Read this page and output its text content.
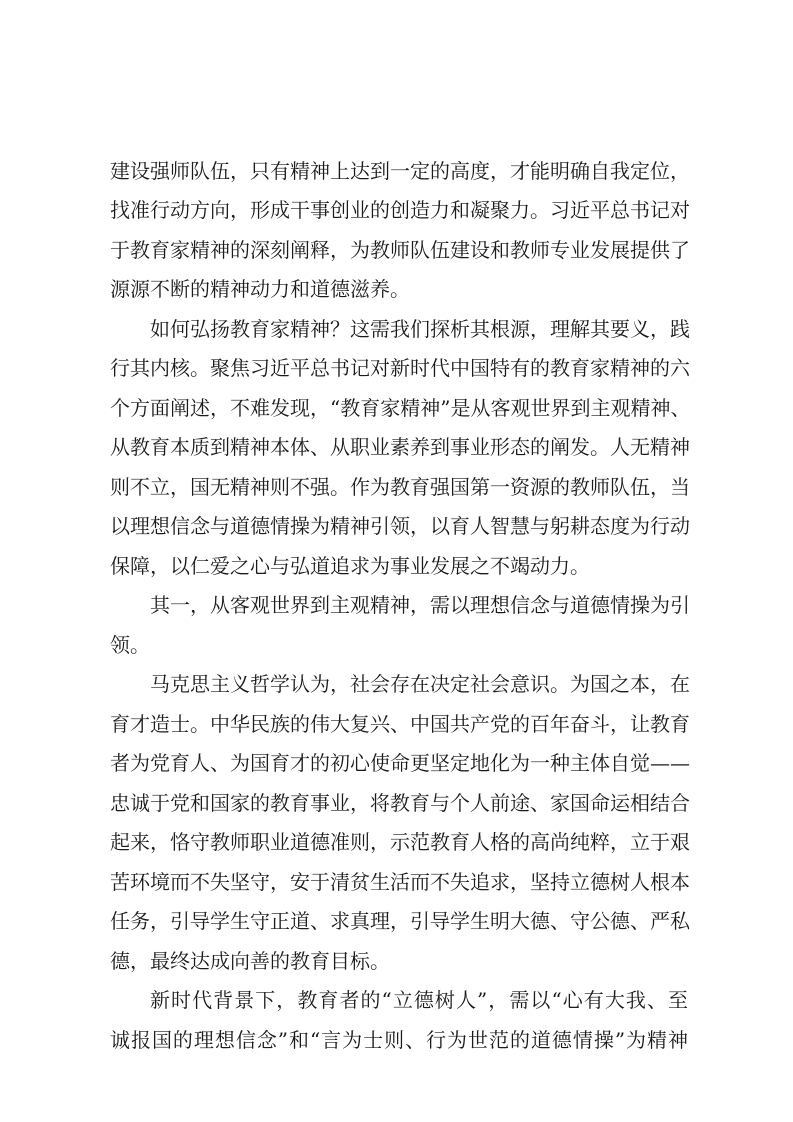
建设强师队伍，只有精神上达到一定的高度，才能明确自我定位，
找准行动方向，形成干事创业的创造力和凝聚力。习近平总书记对
于教育家精神的深刻阐释，为教师队伍建设和教师专业发展提供了
源源不断的精神动力和道德滋养。
如何弘扬教育家精神？这需我们探析其根源，理解其要义，践
行其内核。聚焦习近平总书记对新时代中国特有的教育家精神的六
个方面阐述，不难发现，“教育家精神”是从客观世界到主观精神、
从教育本质到精神本体、从职业素养到事业形态的阐发。人无精神
则不立，国无精神则不强。作为教育强国第一资源的教师队伍，当
以理想信念与道德情操为精神引领，以育人智慧与躬耕态度为行动
保障，以仁爱之心与弘道追求为事业发展之不竭动力。
其一，从客观世界到主观精神，需以理想信念与道德情操为引
领。
马克思主义哲学认为，社会存在决定社会意识。为国之本，在
育才造士。中华民族的伟大复兴、中国共产党的百年奋斗，让教育
者为党育人、为国育才的初心使命更坚定地化为一种主体自觉——
忠诚于党和国家的教育事业，将教育与个人前途、家国命运相结合
起来，恪守教师职业道德准则，示范教育人格的高尚纯粹，立于艰
苦环境而不失坚守，安于清贫生活而不失追求，坚持立德树人根本
任务，引导学生守正道、求真理，引导学生明大德、守公德、严私
德，最终达成向善的教育目标。
新时代背景下，教育者的“立德树人”，需以“心有大我、至
诚报国的理想信念”和“言为士则、行为世范的道德情操”为精神
